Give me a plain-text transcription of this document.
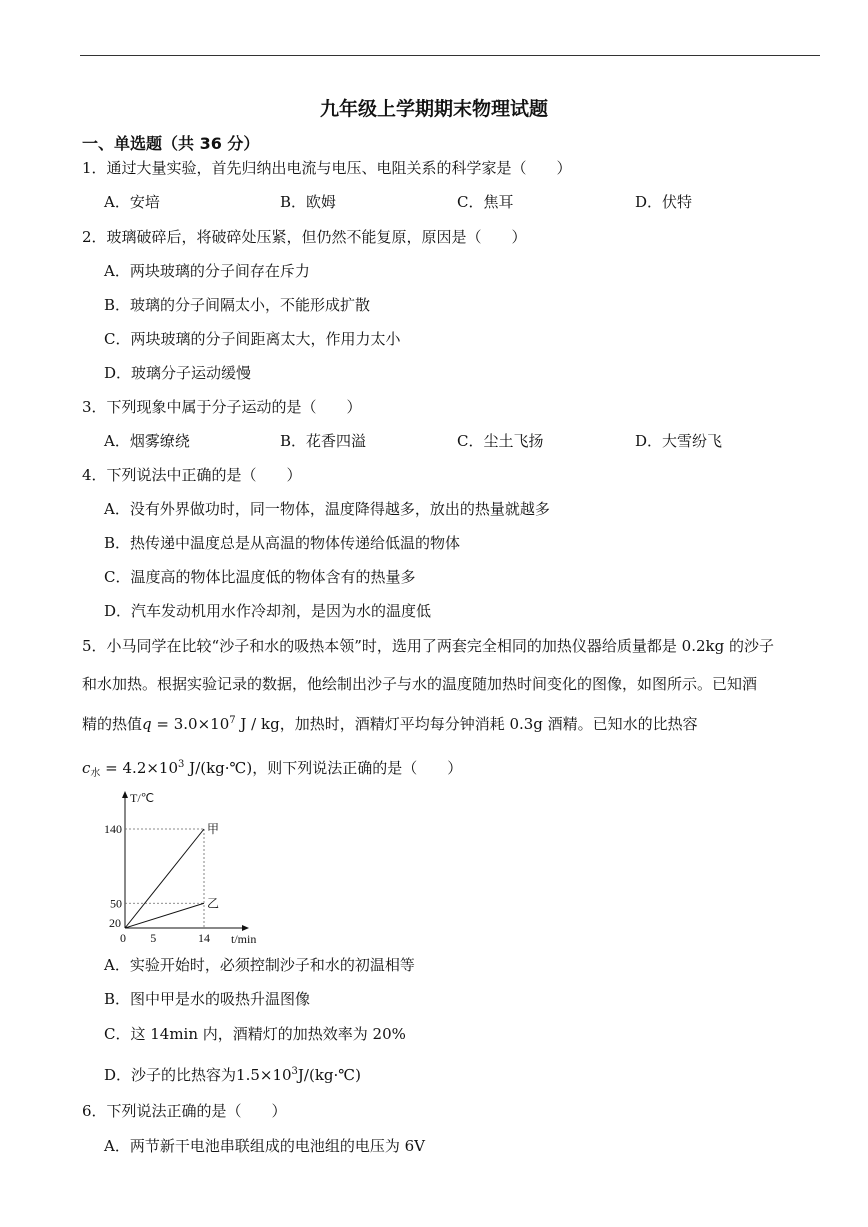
九年级上学期期末物理试题
一、单选题（共 36 分）
1．通过大量实验，首先归纳出电流与电压、电阻关系的科学家是（　　）
A．安培	B．欧姆	C．焦耳	D．伏特
2．玻璃破碎后，将破碎处压紧，但仍然不能复原，原因是（　　）
A．两块玻璃的分子间存在斥力
B．玻璃的分子间隔太小，不能形成扩散
C．两块玻璃的分子间距离太大，作用力太小
D．玻璃分子运动缓慢
3．下列现象中属于分子运动的是（　　）
A．烟雾缭绕	B．花香四溢	C．尘土飞扬	D．大雪纷飞
4．下列说法中正确的是（　　）
A．没有外界做功时，同一物体，温度降得越多，放出的热量就越多
B．热传递中温度总是从高温的物体传递给低温的物体
C．温度高的物体比温度低的物体含有的热量多
D．汽车发动机用水作冷却剂，是因为水的温度低
5．小马同学在比较“沙子和水的吸热本领”时，选用了两套完全相同的加热仪器给质量都是 0.2kg 的沙子
和水加热。根据实验记录的数据，他绘制出沙子与水的温度随加热时间变化的图像，如图所示。已知酒
精的热值$q = 3.0\times 10^7$ J / kg，加热时，酒精灯平均每分钟消耗 0.3g 酒精。已知水的比热容
$c_水 = 4.2\times 10^3$ J/(kg·℃)，则下列说法正确的是（　　）
甲
乙
T/℃
t/min
140
50
20
0 5	14
A．实验开始时，必须控制沙子和水的初温相等
B．图中甲是水的吸热升温图像
C．这 14min 内，酒精灯的加热效率为 20%
D．沙子的比热容为$1.5\times 10^3J/(kg\cdot℃)$
6．下列说法正确的是（　　）
A．两节新干电池串联组成的电池组的电压为 6V
